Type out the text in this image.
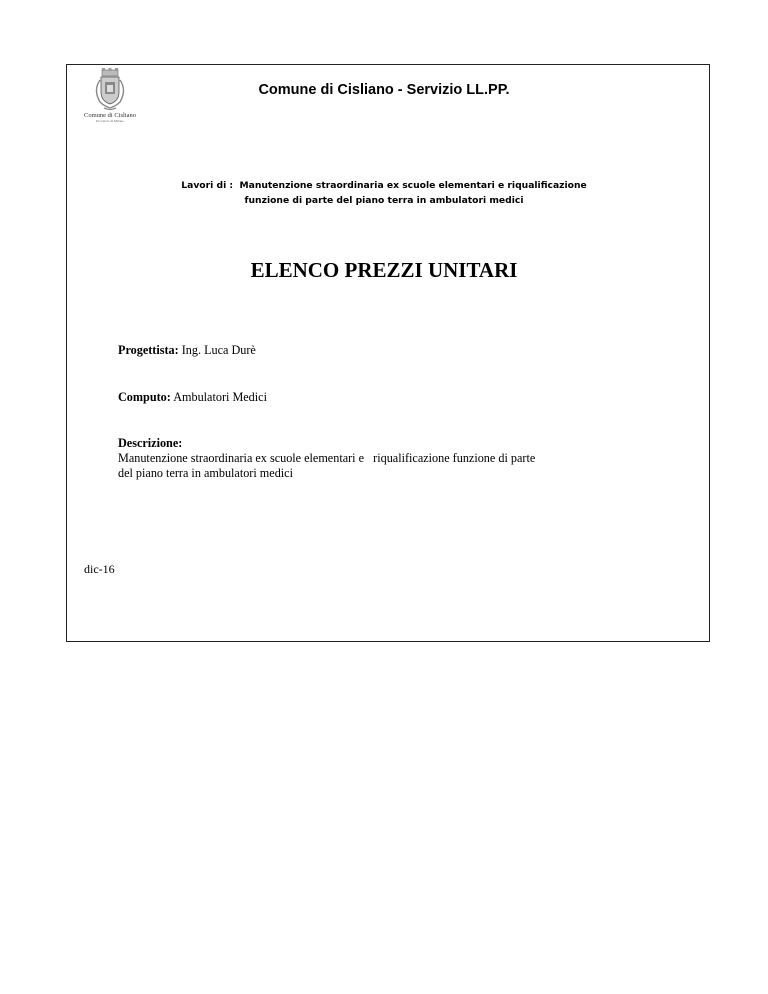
Comune di Cisliano
Provincia di Milano
Comune di Cisliano - Servizio LL.PP.
Lavori di :  Manutenzione straordinaria ex scuole elementari e riqualificazione
funzione di parte del piano terra in ambulatori medici
ELENCO PREZZI UNITARI
Progettista: Ing. Luca Durè
Computo: Ambulatori Medici
Descrizione:
Manutenzione straordinaria ex scuole elementari e   riqualificazione funzione di parte
del piano terra in ambulatori medici
dic-16
